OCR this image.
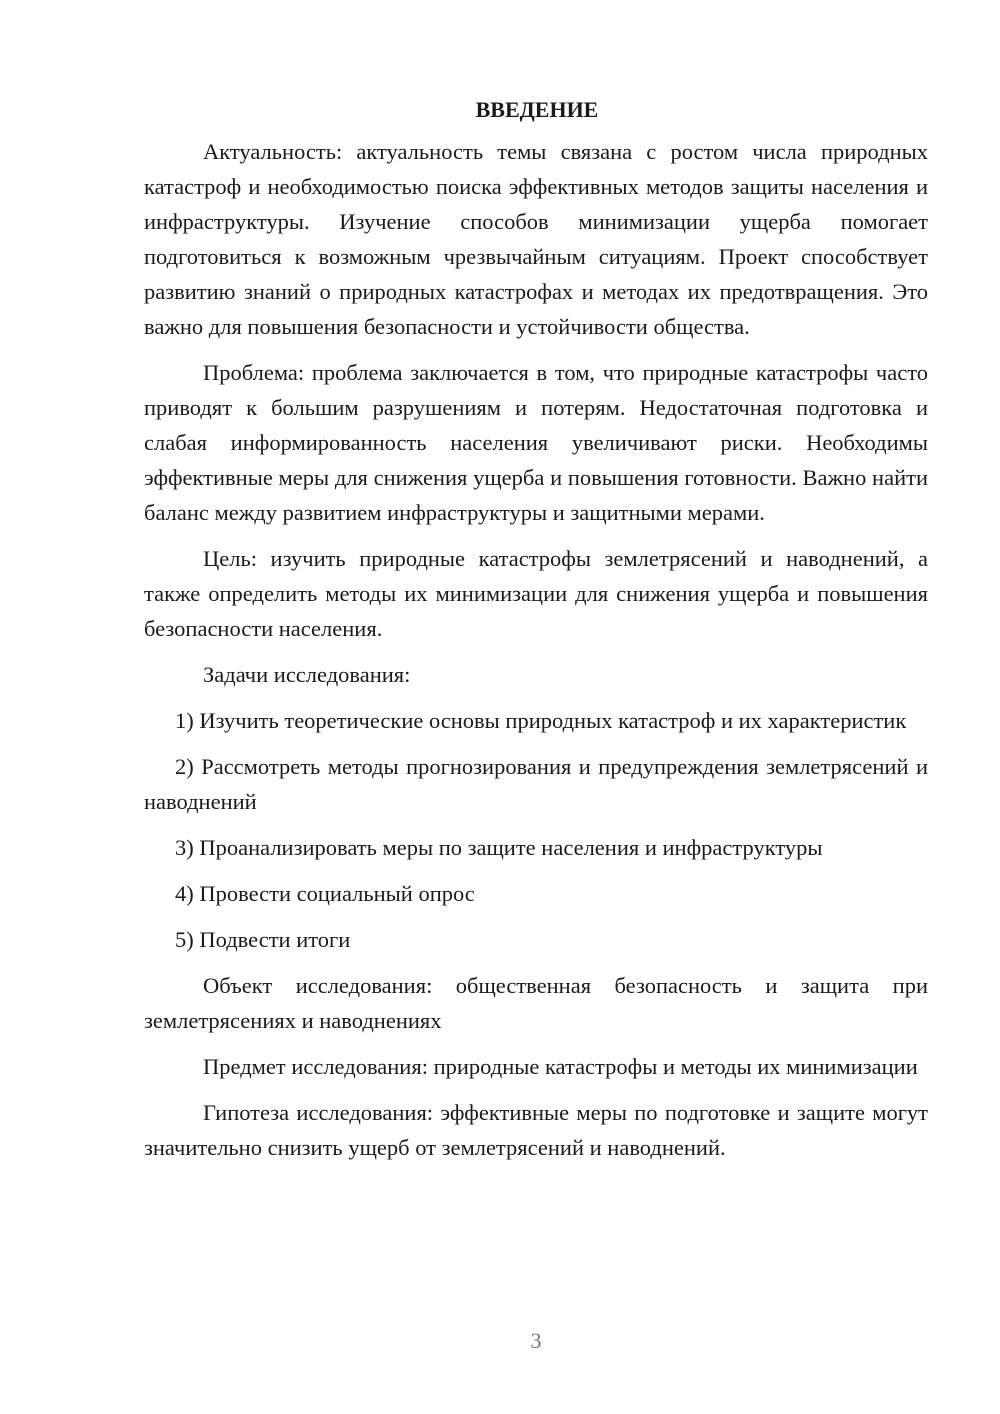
ВВЕДЕНИЕ

Актуальность: актуальность темы связана с ростом числа природных катастроф и необходимостью поиска эффективных методов защиты населения и инфраструктуры. Изучение способов минимизации ущерба помогает подготовиться к возможным чрезвычайным ситуациям. Проект способствует развитию знаний о природных катастрофах и методах их предотвращения. Это важно для повышения безопасности и устойчивости общества.

Проблема: проблема заключается в том, что природные катастрофы часто приводят к большим разрушениям и потерям. Недостаточная подготовка и слабая информированность населения увеличивают риски. Необходимы эффективные меры для снижения ущерба и повышения готовности. Важно найти баланс между развитием инфраструктуры и защитными мерами.

Цель: изучить природные катастрофы землетрясений и наводнений, а также определить методы их минимизации для снижения ущерба и повышения безопасности населения.

Задачи исследования:

1) Изучить теоретические основы природных катастроф и их характеристик

2) Рассмотреть методы прогнозирования и предупреждения землетрясений и наводнений

3) Проанализировать меры по защите населения и инфраструктуры

4) Провести социальный опрос

5) Подвести итоги

Объект исследования: общественная безопасность и защита при землетрясениях и наводнениях

Предмет исследования: природные катастрофы и методы их минимизации

Гипотеза исследования: эффективные меры по подготовке и защите могут значительно снизить ущерб от землетрясений и наводнений.

3
